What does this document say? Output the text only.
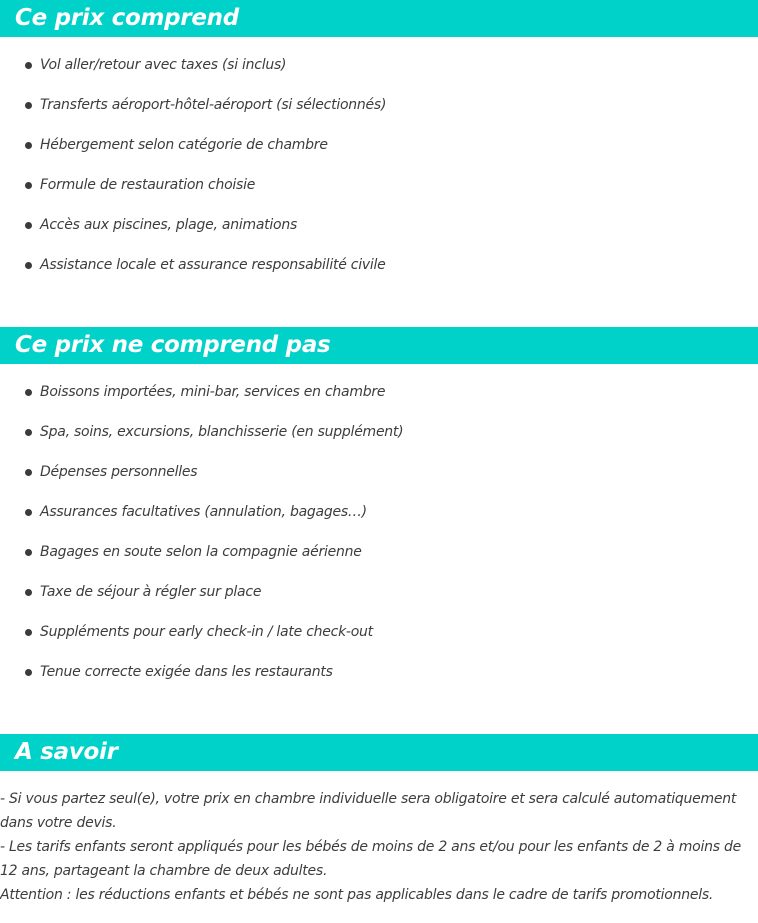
Ce prix comprend
Vol aller/retour avec taxes (si inclus)
Transferts aéroport-hôtel-aéroport (si sélectionnés)
Hébergement selon catégorie de chambre
Formule de restauration choisie
Accès aux piscines, plage, animations
Assistance locale et assurance responsabilité civile
Ce prix ne comprend pas
Boissons importées, mini-bar, services en chambre
Spa, soins, excursions, blanchisserie (en supplément)
Dépenses personnelles
Assurances facultatives (annulation, bagages…)
Bagages en soute selon la compagnie aérienne
Taxe de séjour à régler sur place
Suppléments pour early check-in / late check-out
Tenue correcte exigée dans les restaurants
A savoir

- Si vous partez seul(e), votre prix en chambre individuelle sera obligatoire et sera calculé automatiquement dans votre devis.

- Les tarifs enfants seront appliqués pour les bébés de moins de 2 ans et/ou pour les enfants de 2 à moins de 12 ans, partageant la chambre de deux adultes.

Attention : les réductions enfants et bébés ne sont pas applicables dans le cadre de tarifs promotionnels.
